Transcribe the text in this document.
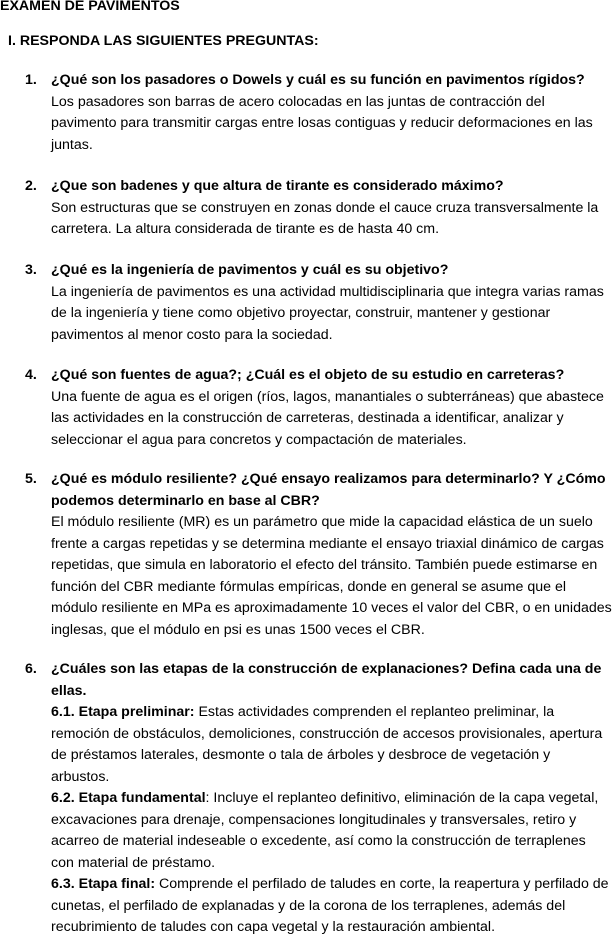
EXAMEN DE PAVIMENTOS
I. RESPONDA LAS SIGUIENTES PREGUNTAS:
1. ¿Qué son los pasadores o Dowels y cuál es su función en pavimentos rígidos?
Los pasadores son barras de acero colocadas en las juntas de contracción del pavimento para transmitir cargas entre losas contiguas y reducir deformaciones en las juntas.
2. ¿Que son badenes y que altura de tirante es considerado máximo?
Son estructuras que se construyen en zonas donde el cauce cruza transversalmente la carretera. La altura considerada de tirante es de hasta 40 cm.
3. ¿Qué es la ingeniería de pavimentos y cuál es su objetivo?
La ingeniería de pavimentos es una actividad multidisciplinaria que integra varias ramas de la ingeniería y tiene como objetivo proyectar, construir, mantener y gestionar pavimentos al menor costo para la sociedad.
4. ¿Qué son fuentes de agua?; ¿Cuál es el objeto de su estudio en carreteras?
Una fuente de agua es el origen (ríos, lagos, manantiales o subterráneas) que abastece las actividades en la construcción de carreteras, destinada a identificar, analizar y seleccionar el agua para concretos y compactación de materiales.
5. ¿Qué es módulo resiliente? ¿Qué ensayo realizamos para determinarlo? Y ¿Cómo podemos determinarlo en base al CBR?
El módulo resiliente (MR) es un parámetro que mide la capacidad elástica de un suelo frente a cargas repetidas y se determina mediante el ensayo triaxial dinámico de cargas repetidas, que simula en laboratorio el efecto del tránsito. También puede estimarse en función del CBR mediante fórmulas empíricas, donde en general se asume que el módulo resiliente en MPa es aproximadamente 10 veces el valor del CBR, o en unidades inglesas, que el módulo en psi es unas 1500 veces el CBR.
6. ¿Cuáles son las etapas de la construcción de explanaciones? Defina cada una de ellas.
6.1. Etapa preliminar: Estas actividades comprenden el replanteo preliminar, la remoción de obstáculos, demoliciones, construcción de accesos provisionales, apertura de préstamos laterales, desmonte o tala de árboles y desbroce de vegetación y arbustos.
6.2. Etapa fundamental: Incluye el replanteo definitivo, eliminación de la capa vegetal, excavaciones para drenaje, compensaciones longitudinales y transversales, retiro y acarreo de material indeseable o excedente, así como la construcción de terraplenes con material de préstamo.
6.3. Etapa final: Comprende el perfilado de taludes en corte, la reapertura y perfilado de cunetas, el perfilado de explanadas y de la corona de los terraplenes, además del recubrimiento de taludes con capa vegetal y la restauración ambiental.
